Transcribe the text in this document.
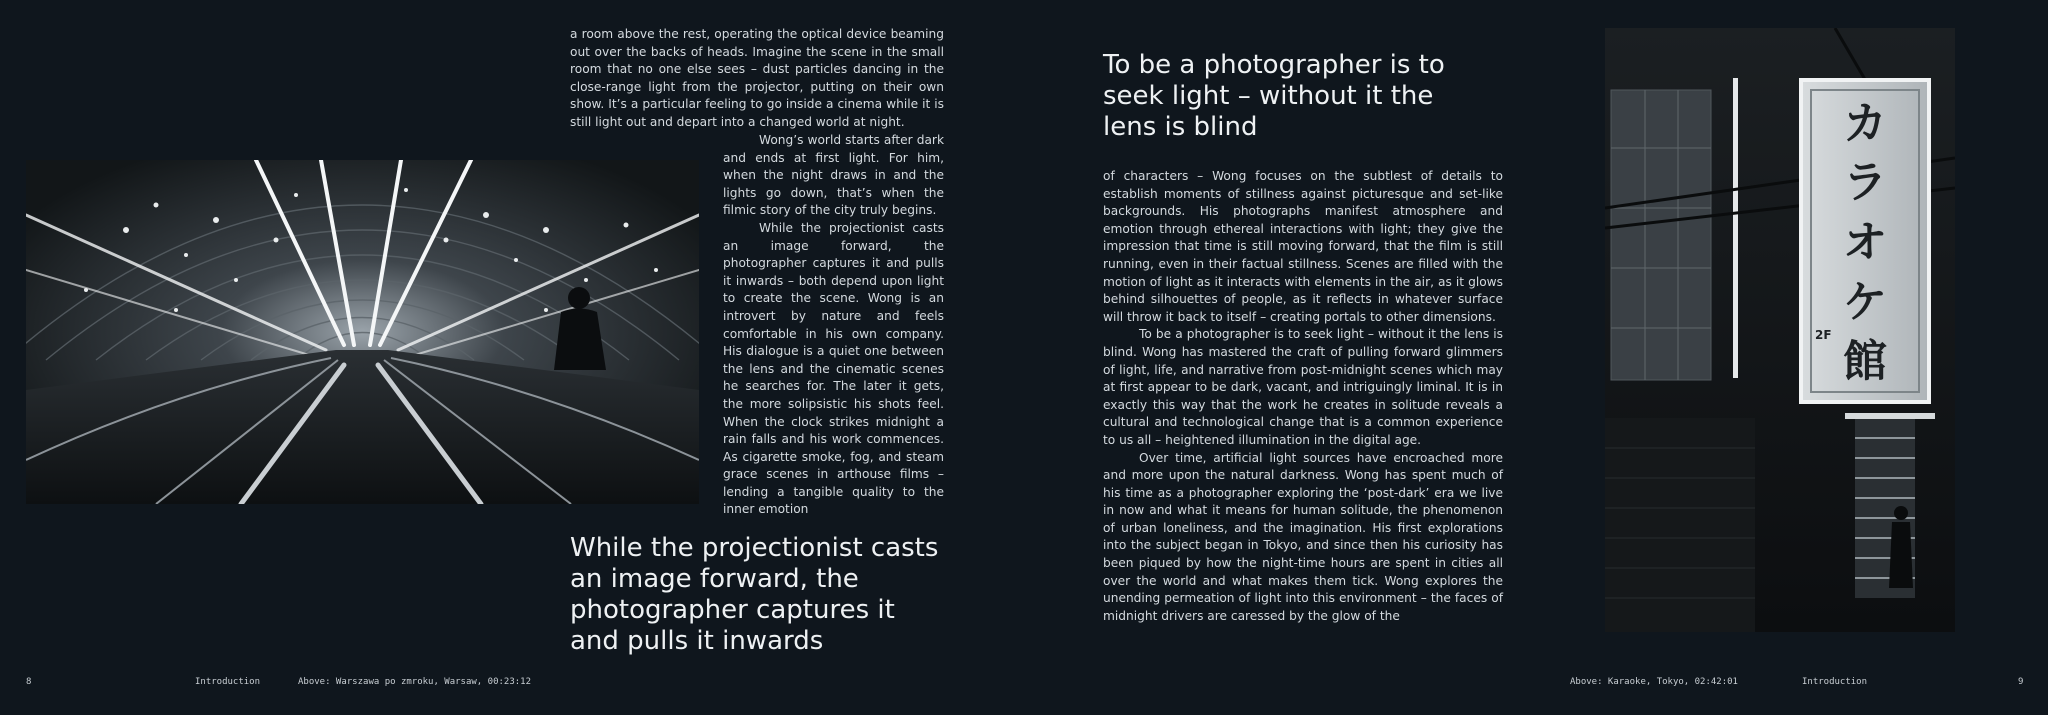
a room above the rest, operating the optical device beaming out over the backs of heads. Imagine the scene in the small room that no one else sees – dust particles dancing in the close-range light from the projector, putting on their own show. It’s a particular feeling to go inside a cinema while it is still light out and depart into a changed world at night.

Wong’s world starts after dark and ends at first light. For him, when the night draws in and the lights go down, that’s when the filmic story of the city truly begins.

While the projectionist casts an image forward, the photographer captures it and pulls it inwards – both depend upon light to create the scene. Wong is an introvert by nature and feels comfortable in his own company. His dialogue is a quiet one between the lens and the cinematic scenes he searches for. The later it gets, the more solipsistic his shots feel. When the clock strikes midnight a rain falls and his work commences. As cigarette smoke, fog, and steam grace scenes in arthouse films – lending a tangible quality to the inner emotion

While the projectionist casts an image forward, the photographer captures it and pulls it inwards
8	Introduction	Above: Warszawa po zmroku, Warsaw, 00:23:12
To be a photographer is to seek light – without it the lens is blind

of characters – Wong focuses on the subtlest of details to establish moments of stillness against picturesque and set-like backgrounds. His photographs manifest atmosphere and emotion through ethereal interactions with light; they give the impression that time is still moving forward, that the film is still running, even in their factual stillness. Scenes are filled with the motion of light as it interacts with elements in the air, as it glows behind silhouettes of people, as it reflects in whatever surface will throw it back to itself – creating portals to other dimensions.

To be a photographer is to seek light – without it the lens is blind. Wong has mastered the craft of pulling forward glimmers of light, life, and narrative from post-midnight scenes which may at first appear to be dark, vacant, and intriguingly liminal. It is in exactly this way that the work he creates in solitude reveals a cultural and technological change that is a common experience to us all – heightened illumination in the digital age.

Over time, artificial light sources have encroached more and more upon the natural darkness. Wong has spent much of his time as a photographer exploring the ‘post-dark’ era we live in now and what it means for human solitude, the phenomenon of urban loneliness, and the imagination. His first explorations into the subject began in Tokyo, and since then his curiosity has been piqued by how the night-time hours are spent in cities all over the world and what makes them tick. Wong explores the unending permeation of light into this environment – the faces of midnight drivers are caressed by the glow of the

Above: Karaoke, Tokyo, 02:42:01	Introduction	9
カ
ラ
オ
ケ
館
2F
